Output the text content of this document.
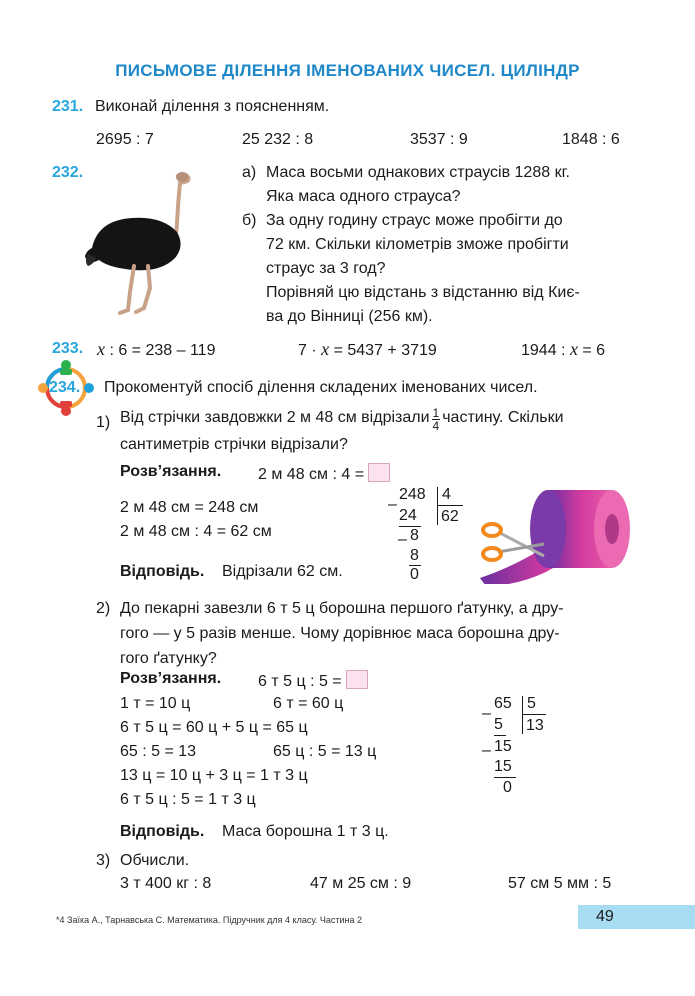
ПИСЬМОВЕ ДІЛЕННЯ ІМЕНОВАНИХ ЧИСЕЛ. ЦИЛІНДР
231. Виконай ділення з поясненням.
2695 : 7	25 232 : 8	3537 : 9	1848 : 6
232.	а) Маса восьми однакових страусів 1288 кг.
Яка маса одного страуса?
б) За одну годину страус може пробігти до
72 км. Скільки кілометрів зможе пробігти
страус за 3 год?
Порівняй цю відстань з відстанню від Киє-
ва до Вінниці (256 км).
233. x : 6 = 238 – 119	7 · x = 5437 + 3719	1944 : x = 6
234. Прокоментуй спосіб ділення складених іменованих чисел.
1) Від стрічки завдовжки 2 м 48 см відрізали $\frac{1}{4}$ частину. Скільки
сантиметрів стрічки відрізали?
Розв’язання. 2 м 48 см : 4 =
2 м 48 см = 248 см
2 м 48 см : 4 = 62 см
248 4
–
24 62
– 8
8
0
Відповідь. Відрізали 62 см.
2) До пекарні завезли 6 т 5 ц борошна першого ґатунку, а дру-
гого — у 5 разів менше. Чому дорівнює маса борошна дру-
гого ґатунку?
Розв’язання. 6 т 5 ц : 5 =
1 т = 10 ц	6 т = 60 ц
6 т 5 ц = 60 ц + 5 ц = 65 ц
65 : 5 = 13	65 ц : 5 = 13 ц
13 ц = 10 ц + 3 ц = 1 т 3 ц
6 т 5 ц : 5 = 1 т 3 ц
65 5
–
5 13
– 15
15
0
Відповідь. Маса борошна 1 т 3 ц.
3) Обчисли.
3 т 400 кг : 8	47 м 25 см : 9	57 см 5 мм : 5
*4 Заїка А., Тарнавська С. Математика. Підручник для 4 класу. Частина 2	49
